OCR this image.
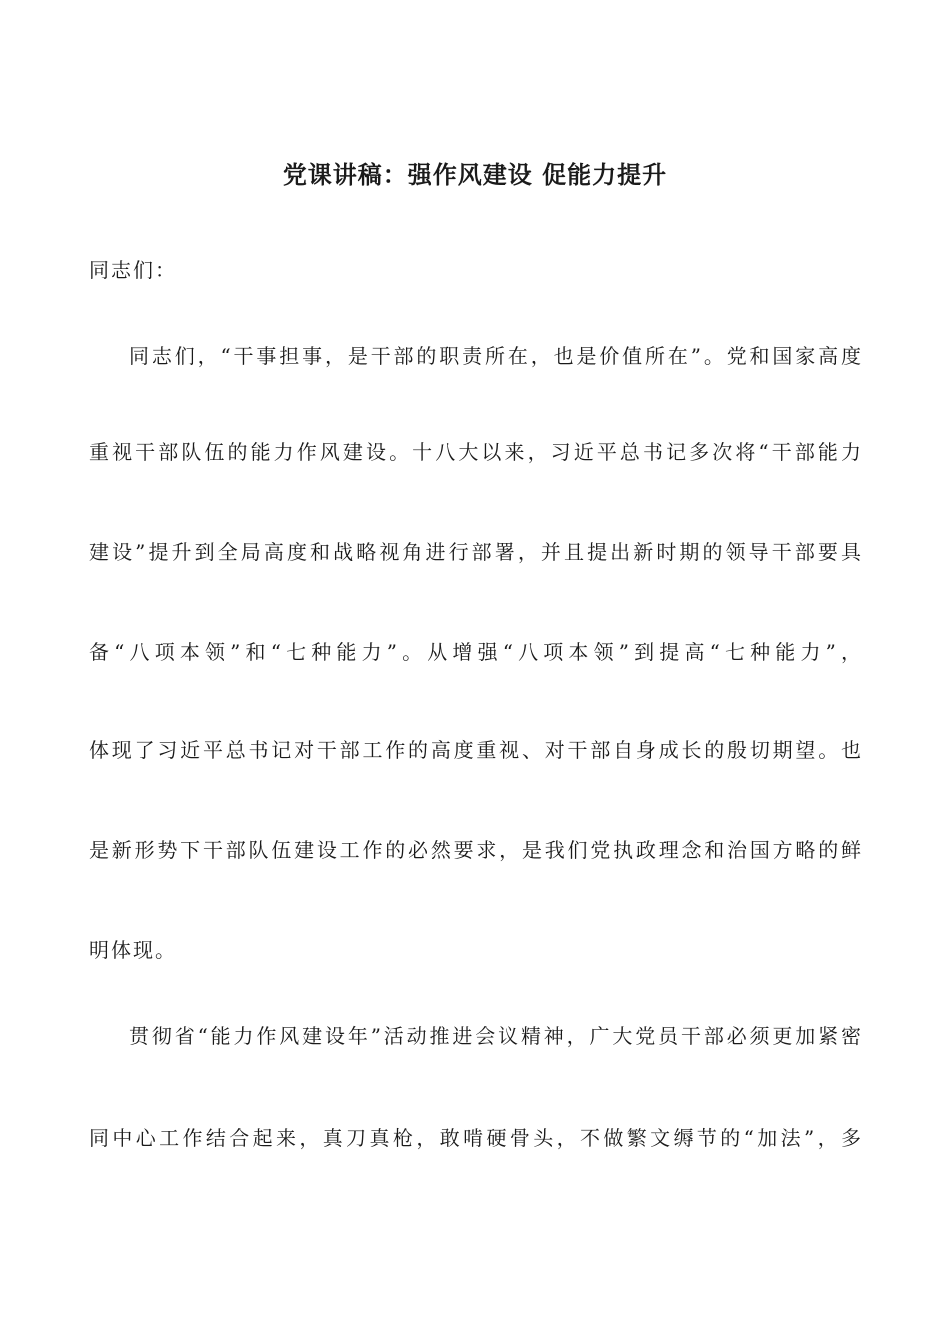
党课讲稿：强作风建设 促能力提升
同志们：
同志们，“干事担事，是干部的职责所在，也是价值所在”。党和国家高度
重视干部队伍的能力作风建设。十八大以来，习近平总书记多次将“干部能力
建设”提升到全局高度和战略视角进行部署，并且提出新时期的领导干部要具
备“八项本领”和“七种能力”。从增强“八项本领”到提高“七种能力”，
体现了习近平总书记对干部工作的高度重视、对干部自身成长的殷切期望。也
是新形势下干部队伍建设工作的必然要求，是我们党执政理念和治国方略的鲜
明体现。
贯彻省“能力作风建设年”活动推进会议精神，广大党员干部必须更加紧密
同中心工作结合起来，真刀真枪，敢啃硬骨头，不做繁文缛节的“加法”，多
